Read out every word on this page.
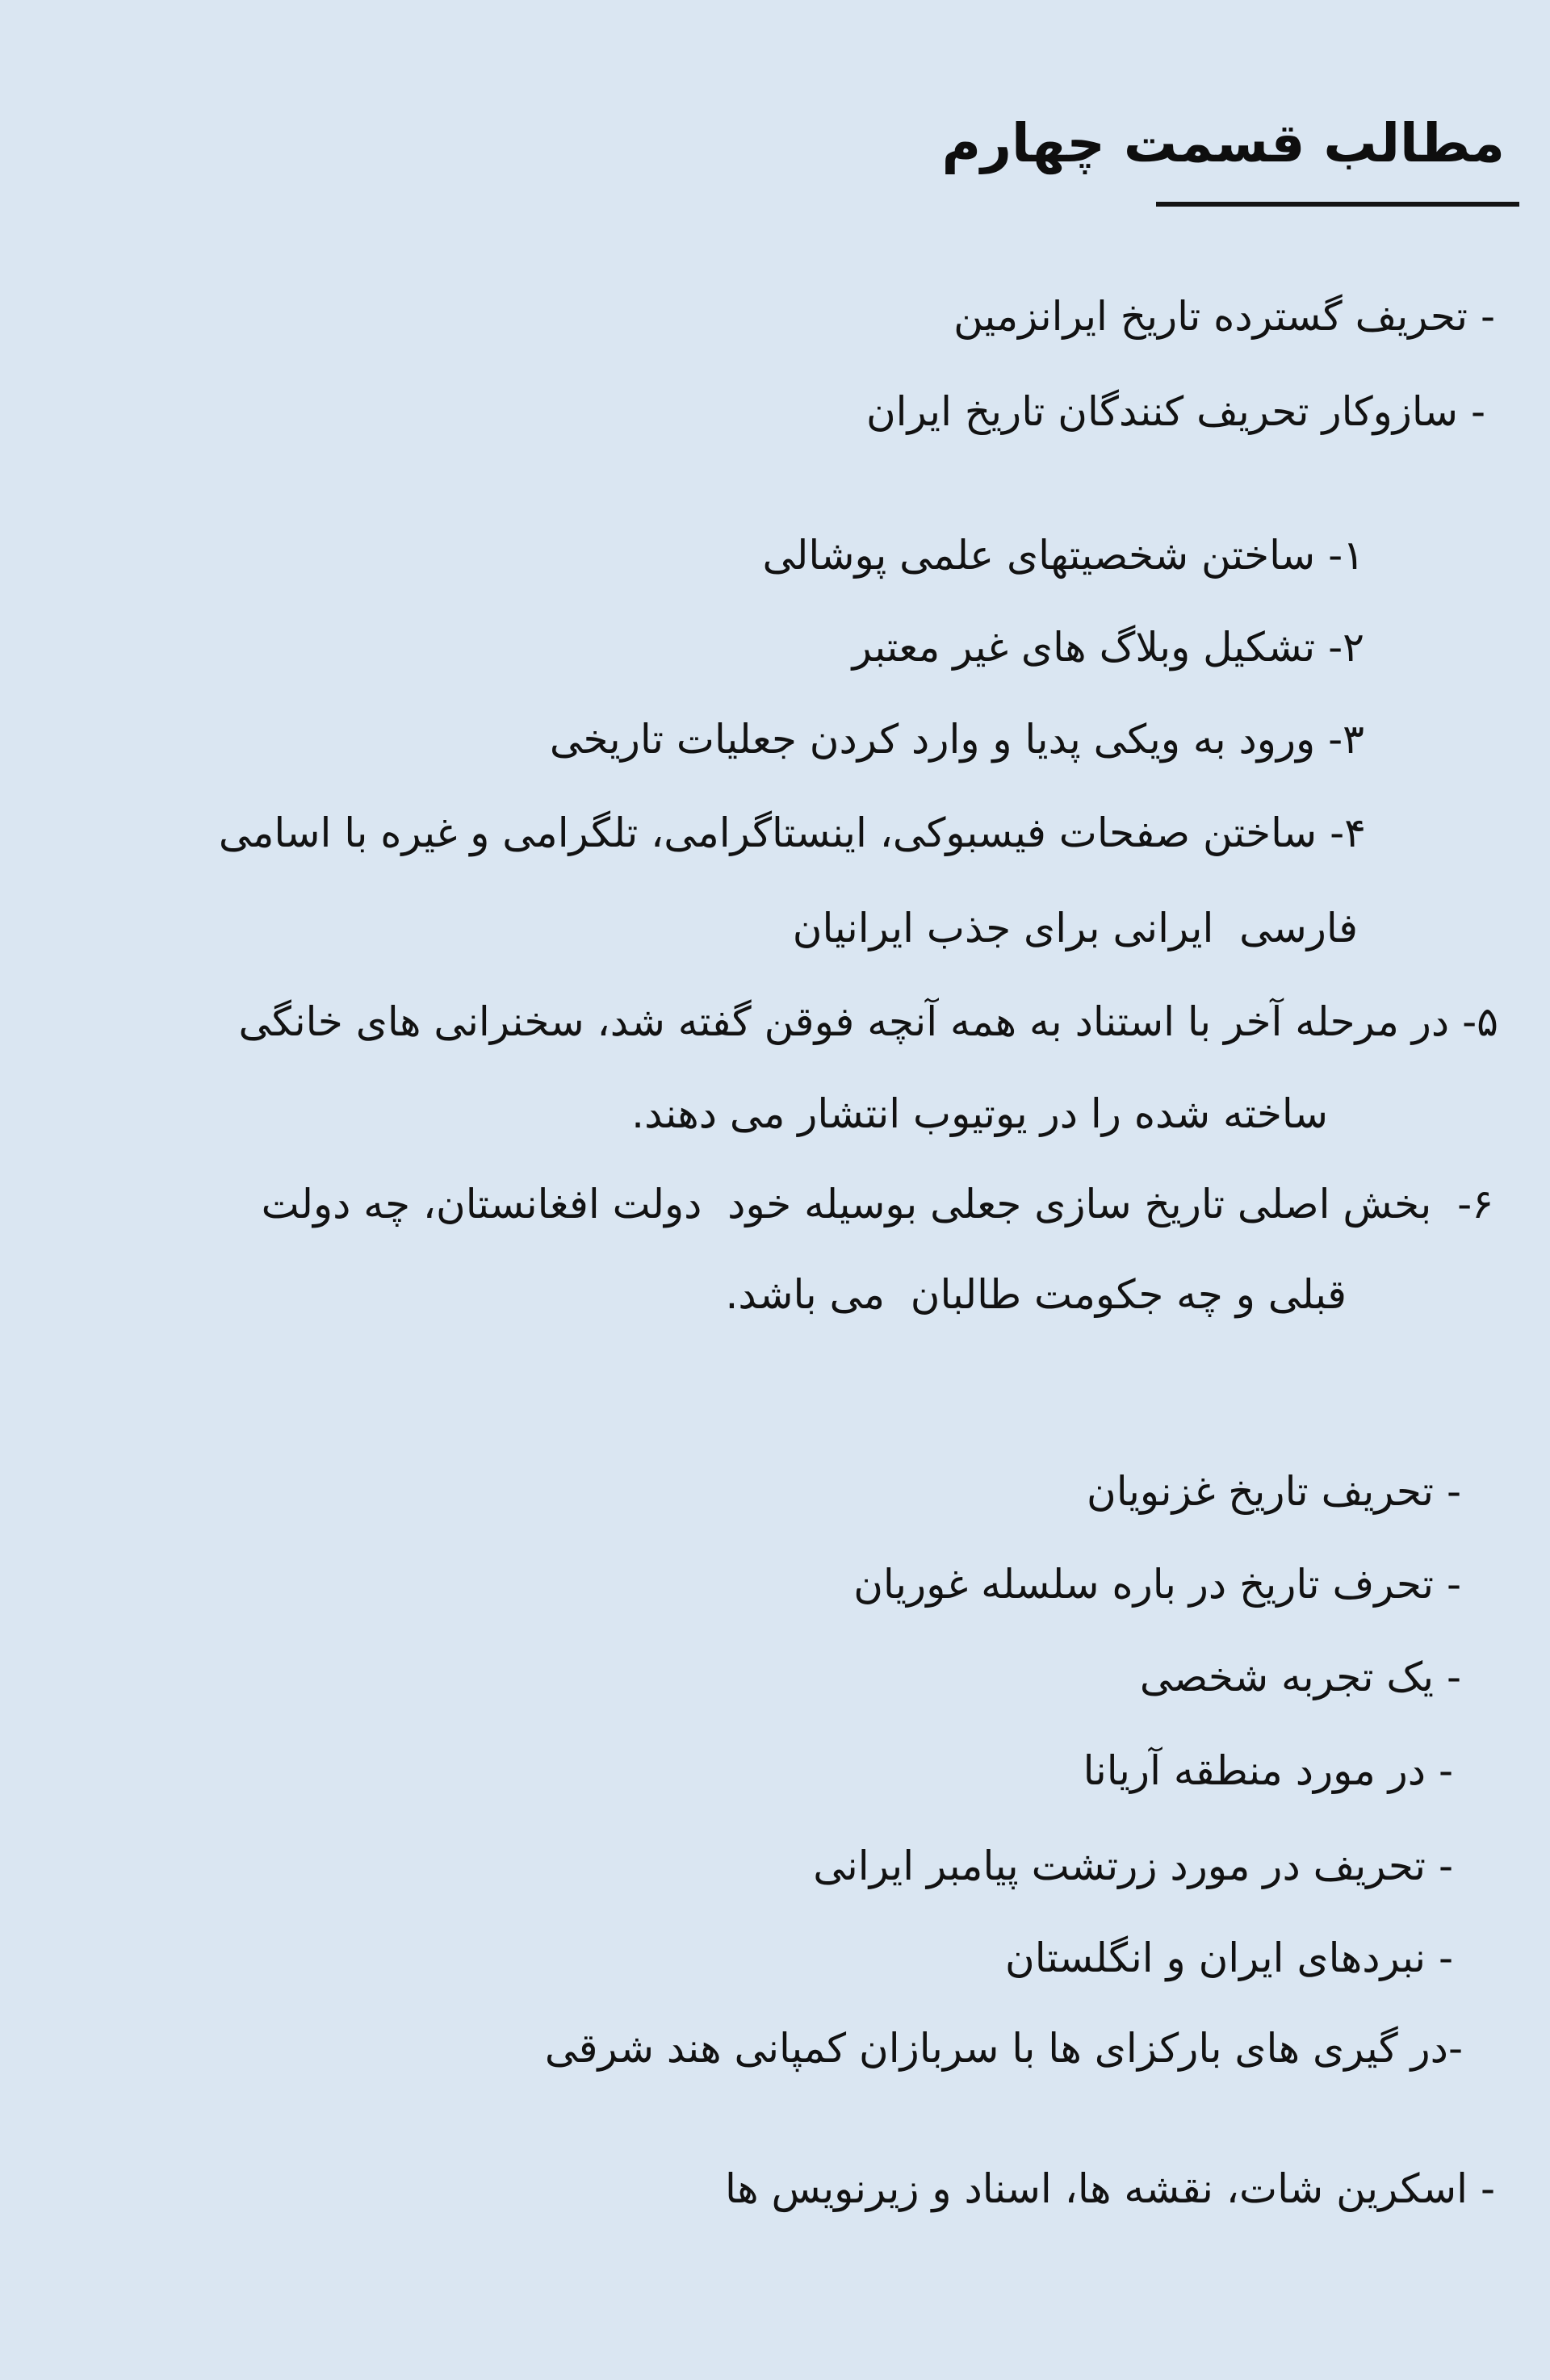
مطالب قسمت چهارم
- تحریف گسترده تاریخ ایرانزمین
- سازوکار تحریف کنندگان تاریخ ایران
۱- ساختن شخصیتهای علمی پوشالی
۲- تشکیل وبلاگ های غیر معتبر
۳- ورود به ویکی پدیا و وارد کردن جعلیات تاریخی
۴- ساختن صفحات فیسبوکی، اینستاگرامی، تلگرامی و غیره با اسامی
فارسی  ایرانی برای جذب ایرانیان
۵- در مرحله آخر با استناد به همه آنچه فوقن گفته شد، سخنرانی های خانگی
ساخته شده را در یوتیوب انتشار می دهند.
۶-  بخش اصلی تاریخ سازی جعلی بوسیله خود  دولت افغانستان، چه دولت
قبلی و چه جکومت طالبان  می باشد.
- تحریف تاریخ غزنویان
- تحرف تاریخ در باره سلسله غوریان
- یک تجربه شخصی
- در مورد منطقه آریانا
- تحریف در مورد زرتشت پیامبر ایرانی
- نبردهای ایران و انگلستان
-در گیری های بارکزای ها با سربازان کمپانی هند شرقی
- اسکرین شات، نقشه ها، اسناد و زیرنویس ها
